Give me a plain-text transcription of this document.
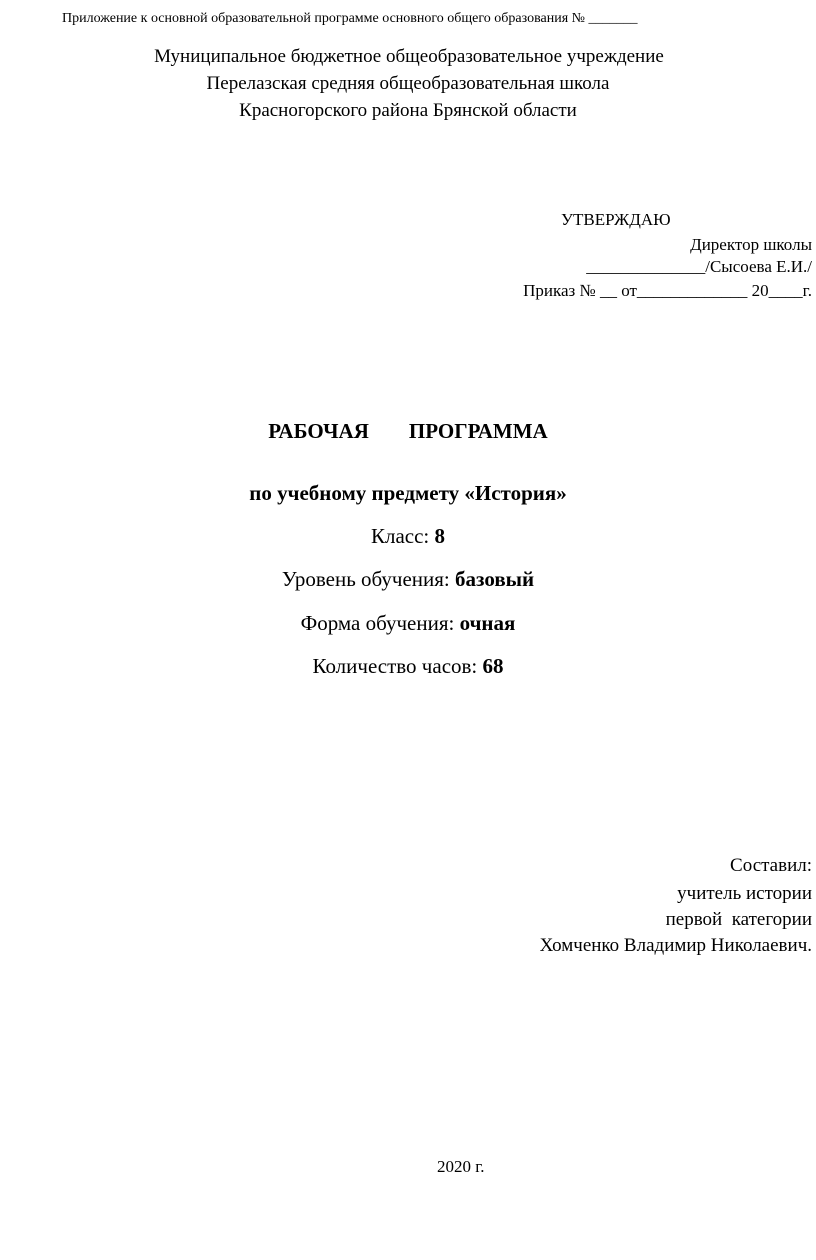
Приложение к основной образовательной программе основного общего образования № _______
Муниципальное бюджетное общеобразовательное учреждение
Перелазская средняя общеобразовательная школа
Красногорского района Брянской области
УТВЕРЖДАЮ
Директор школы
______________/Сысоева Е.И./
Приказ № __ от_____________ 20____г.
РАБОЧАЯ ПРОГРАММА
по учебному предмету «История»
Класс: 8
Уровень обучения: базовый
Форма обучения: очная
Количество часов: 68
Составил:
учитель истории
первой  категории
Хомченко Владимир Николаевич.
2020 г.
